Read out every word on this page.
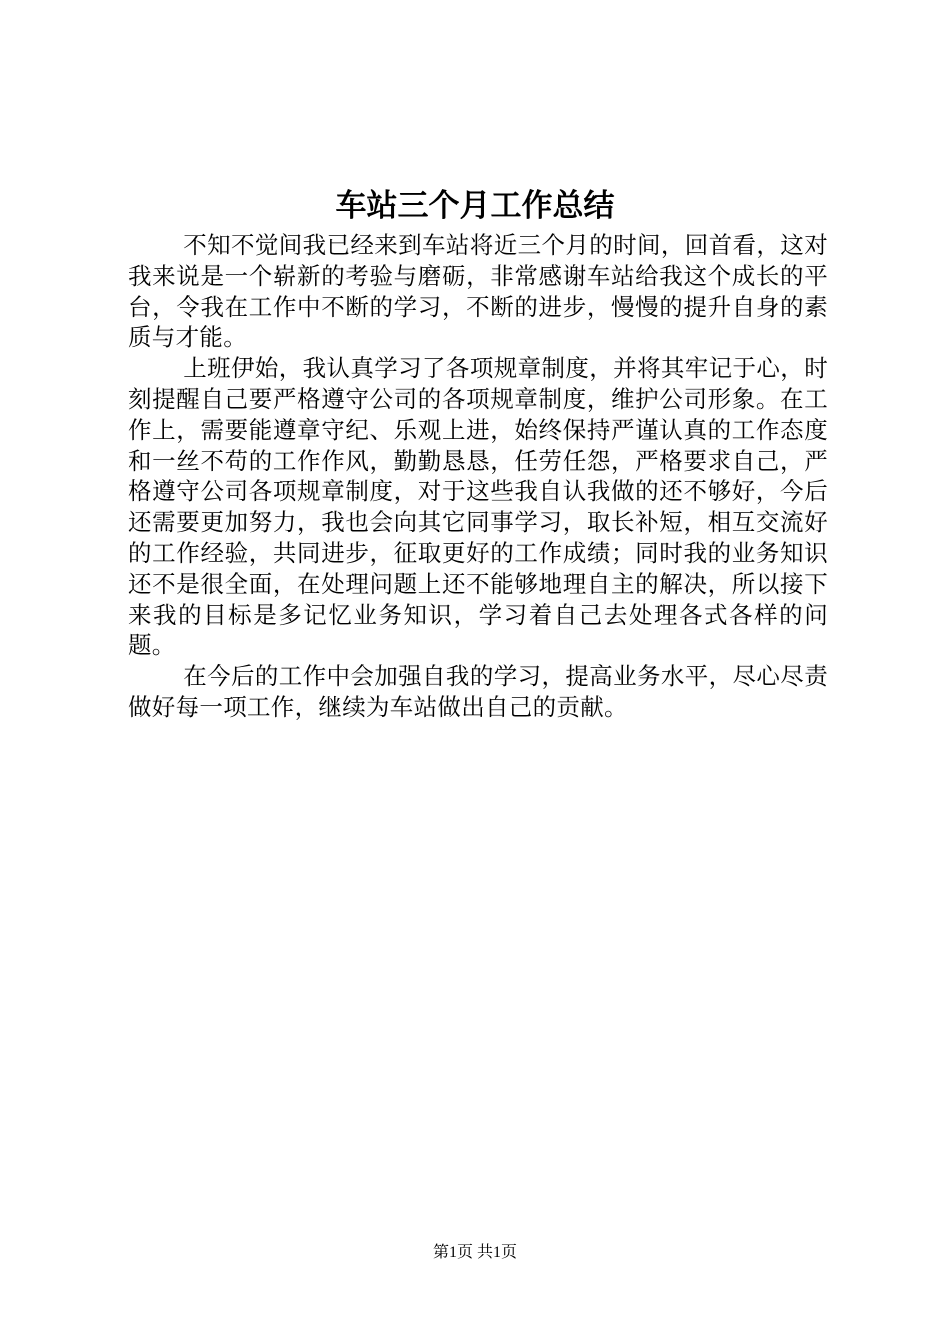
车站三个月工作总结

不知不觉间我已经来到车站将近三个月的时间，回首看，这对我来说是一个崭新的考验与磨砺，非常感谢车站给我这个成长的平台，令我在工作中不断的学习，不断的进步，慢慢的提升自身的素质与才能。

上班伊始，我认真学习了各项规章制度，并将其牢记于心，时刻提醒自己要严格遵守公司的各项规章制度，维护公司形象。在工作上，需要能遵章守纪、乐观上进，始终保持严谨认真的工作态度和一丝不苟的工作作风，勤勤恳恳，任劳任怨，严格要求自己，严格遵守公司各项规章制度，对于这些我自认我做的还不够好，今后还需要更加努力，我也会向其它同事学习，取长补短，相互交流好的工作经验，共同进步，征取更好的工作成绩；同时我的业务知识还不是很全面，在处理问题上还不能够地理自主的解决，所以接下来我的目标是多记忆业务知识，学习着自己去处理各式各样的问题。

在今后的工作中会加强自我的学习，提高业务水平，尽心尽责做好每一项工作，继续为车站做出自己的贡献。

第1页 共1页
